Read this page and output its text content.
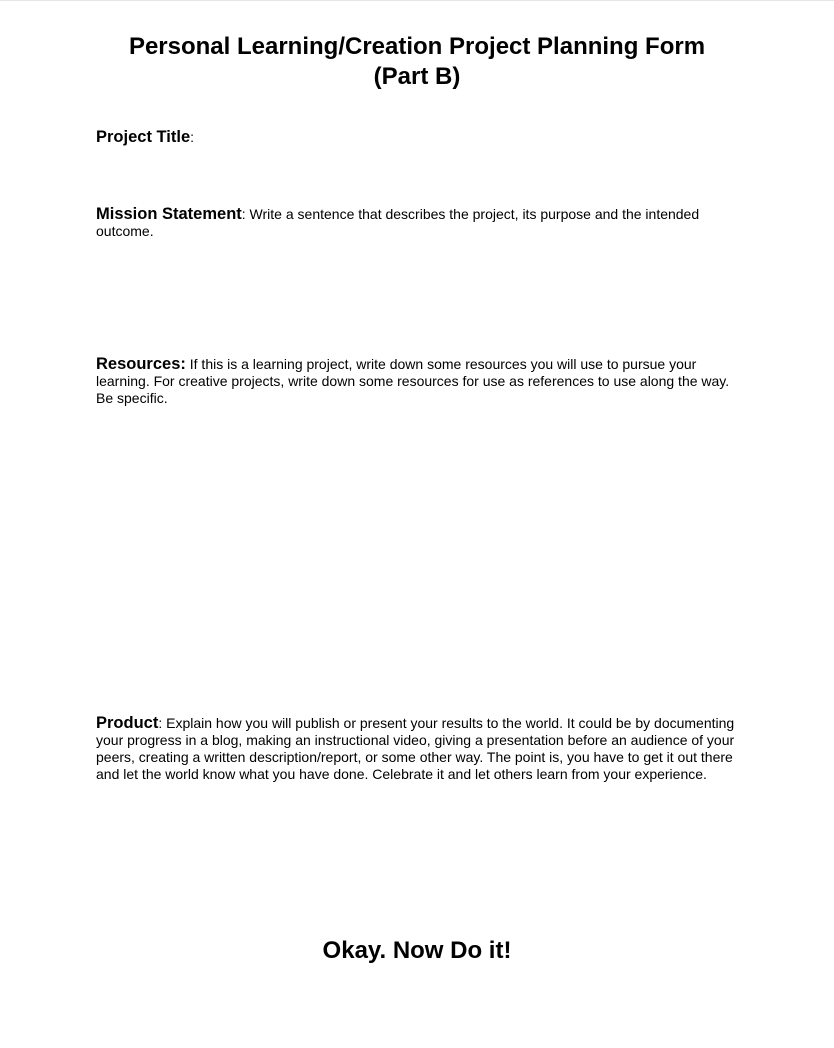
Personal Learning/Creation Project Planning Form
(Part B)
Project Title:
Mission Statement: Write a sentence that describes the project, its purpose and the intended outcome.
Resources: If this is a learning project, write down some resources you will use to pursue your learning. For creative projects, write down some resources for use as references to use along the way. Be specific.
Product: Explain how you will publish or present your results to the world. It could be by documenting your progress in a blog, making an instructional video, giving a presentation before an audience of your peers, creating a written description/report, or some other way. The point is, you have to get it out there and let the world know what you have done. Celebrate it and let others learn from your experience.
Okay. Now Do it!
